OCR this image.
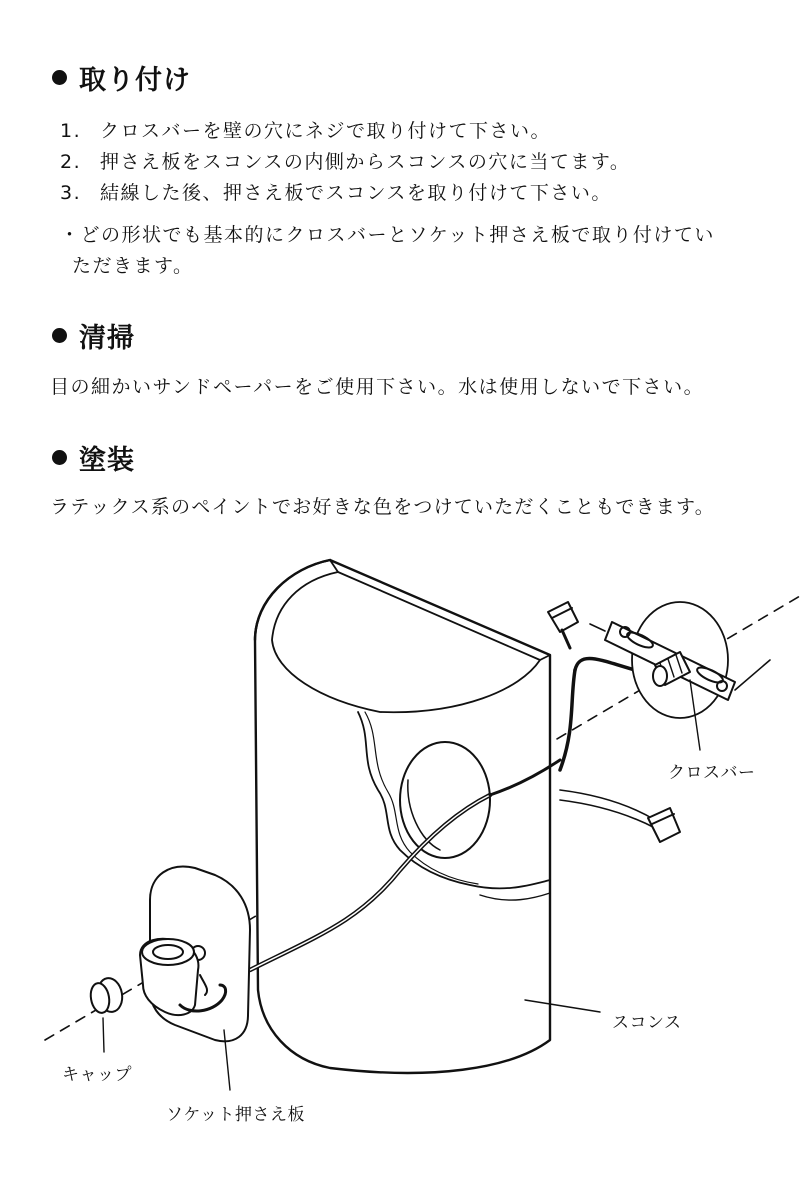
取り付け
1. クロスバーを壁の穴にネジで取り付けて下さい。
2. 押さえ板をスコンスの内側からスコンスの穴に当てます。
3. 結線した後、押さえ板でスコンスを取り付けて下さい。
・どの形状でも基本的にクロスバーとソケット押さえ板で取り付けてい
ただきます。
清掃
目の細かいサンドペーパーをご使用下さい。水は使用しないで下さい。
塗装
ラテックス系のペイントでお好きな色をつけていただくこともできます。
クロスバー
スコンス
キャップ
ソケット押さえ板
